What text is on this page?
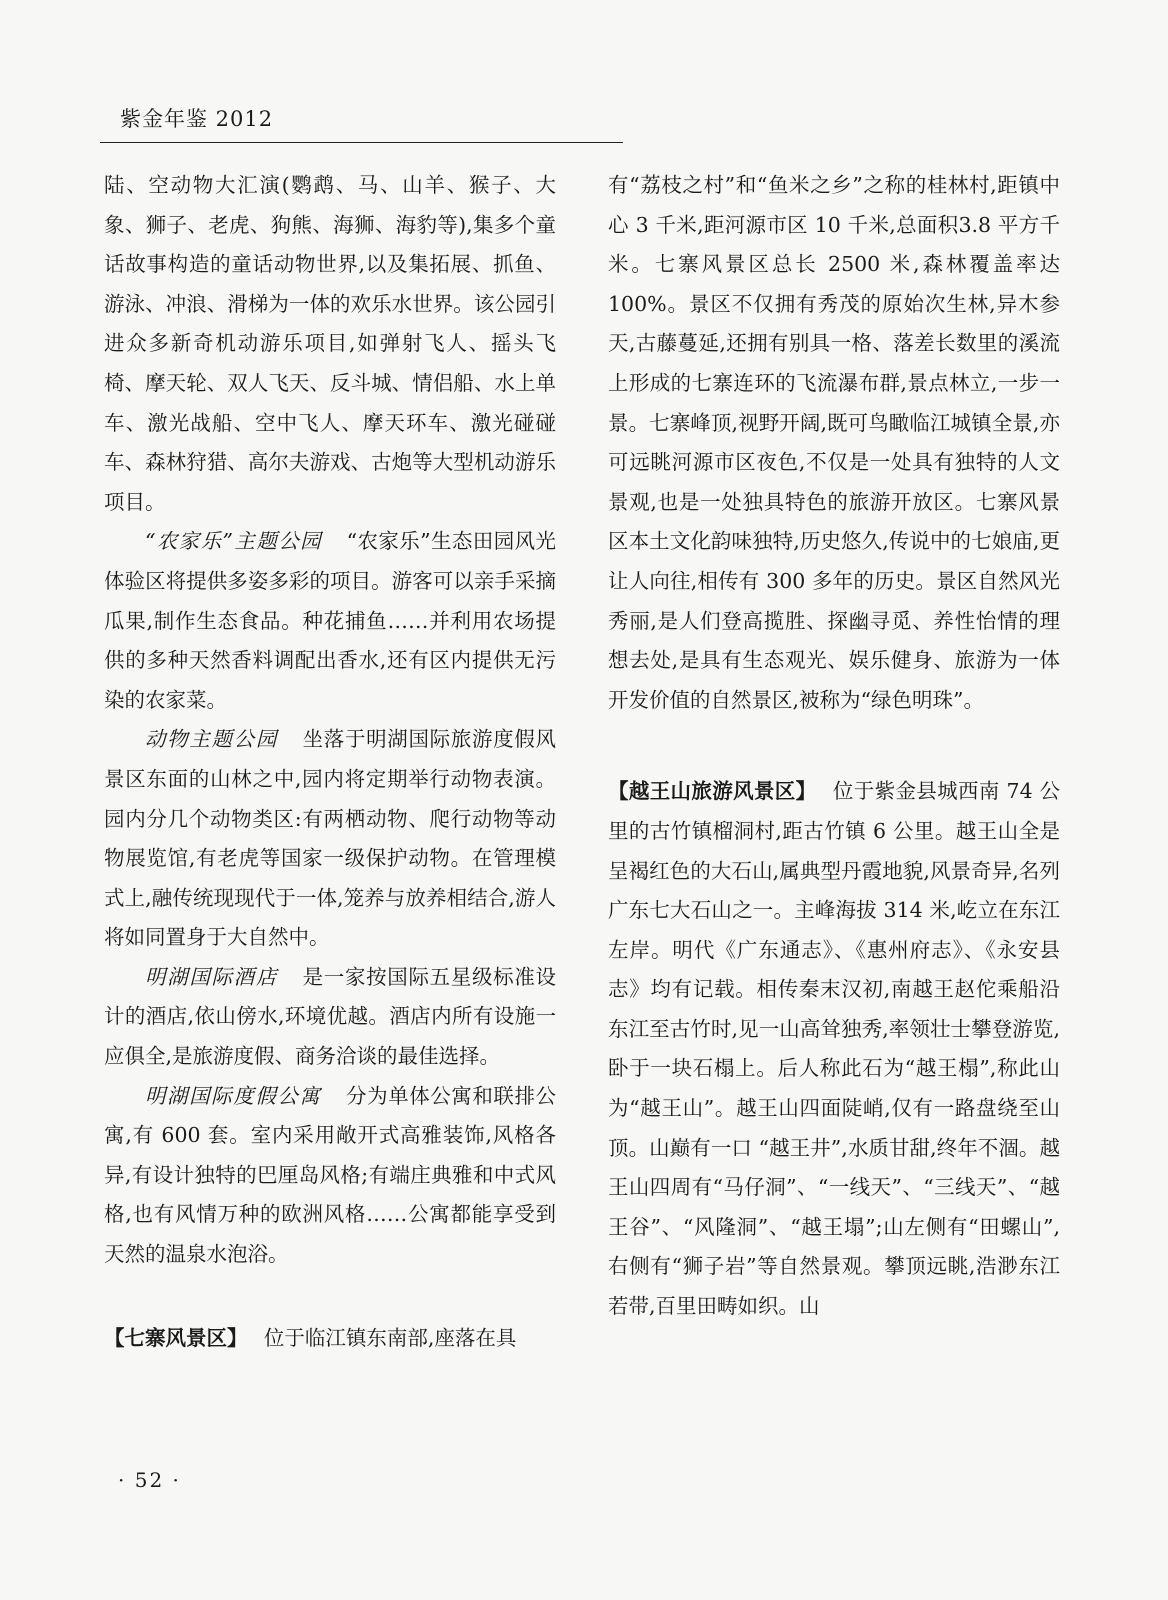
紫金年鉴 2012

陆、空动物大汇演(鹦鹉、马、山羊、猴子、大象、狮子、老虎、狗熊、海狮、海豹等),集多个童话故事构造的童话动物世界,以及集拓展、抓鱼、游泳、冲浪、滑梯为一体的欢乐水世界。该公园引进众多新奇机动游乐项目,如弹射飞人、摇头飞椅、摩天轮、双人飞天、反斗城、情侣船、水上单车、激光战船、空中飞人、摩天环车、激光碰碰车、森林狩猎、高尔夫游戏、古炮等大型机动游乐项目。

“农家乐”主题公园 “农家乐”生态田园风光体验区将提供多姿多彩的项目。游客可以亲手采摘瓜果,制作生态食品。种花捕鱼……并利用农场提供的多种天然香料调配出香水,还有区内提供无污染的农家菜。

动物主题公园 坐落于明湖国际旅游度假风景区东面的山林之中,园内将定期举行动物表演。园内分几个动物类区:有两栖动物、爬行动物等动物展览馆,有老虎等国家一级保护动物。在管理模式上,融传统现现代于一体,笼养与放养相结合,游人将如同置身于大自然中。

明湖国际酒店 是一家按国际五星级标准设计的酒店,依山傍水,环境优越。酒店内所有设施一应俱全,是旅游度假、商务洽谈的最佳选择。

明湖国际度假公寓 分为单体公寓和联排公寓,有 600 套。室内采用敞开式高雅装饰,风格各异,有设计独特的巴厘岛风格;有端庄典雅和中式风格,也有风情万种的欧洲风格……公寓都能享受到天然的温泉水泡浴。

【七寨风景区】 位于临江镇东南部,座落在具

有“荔枝之村”和“鱼米之乡”之称的桂林村,距镇中心 3 千米,距河源市区 10 千米,总面积3.8 平方千米。七寨风景区总长 2500 米,森林覆盖率达 100%。景区不仅拥有秀茂的原始次生林,异木参天,古藤蔓延,还拥有别具一格、落差长数里的溪流上形成的七寨连环的飞流瀑布群,景点林立,一步一景。七寨峰顶,视野开阔,既可鸟瞰临江城镇全景,亦可远眺河源市区夜色,不仅是一处具有独特的人文景观,也是一处独具特色的旅游开放区。七寨风景区本土文化韵味独特,历史悠久,传说中的七娘庙,更让人向往,相传有 300 多年的历史。景区自然风光秀丽,是人们登高揽胜、探幽寻觅、养性怡情的理想去处,是具有生态观光、娱乐健身、旅游为一体开发价值的自然景区,被称为“绿色明珠”。

【越王山旅游风景区】 位于紫金县城西南 74 公里的古竹镇榴洞村,距古竹镇 6 公里。越王山全是呈褐红色的大石山,属典型丹霞地貌,风景奇异,名列广东七大石山之一。主峰海拔 314 米,屹立在东江左岸。明代《广东通志》、《惠州府志》、《永安县志》均有记载。相传秦末汉初,南越王赵佗乘船沿东江至古竹时,见一山高耸独秀,率领壮士攀登游览,卧于一块石榻上。后人称此石为“越王榻”,称此山为“越王山”。越王山四面陡峭,仅有一路盘绕至山顶。山巅有一口 “越王井”,水质甘甜,终年不涸。越王山四周有“马仔洞”、“一线天”、“三线天”、“越王谷”、“风隆洞”、“越王塌”;山左侧有“田螺山”,右侧有“狮子岩”等自然景观。攀顶远眺,浩渺东江若带,百里田畴如织。山

· 52 ·
